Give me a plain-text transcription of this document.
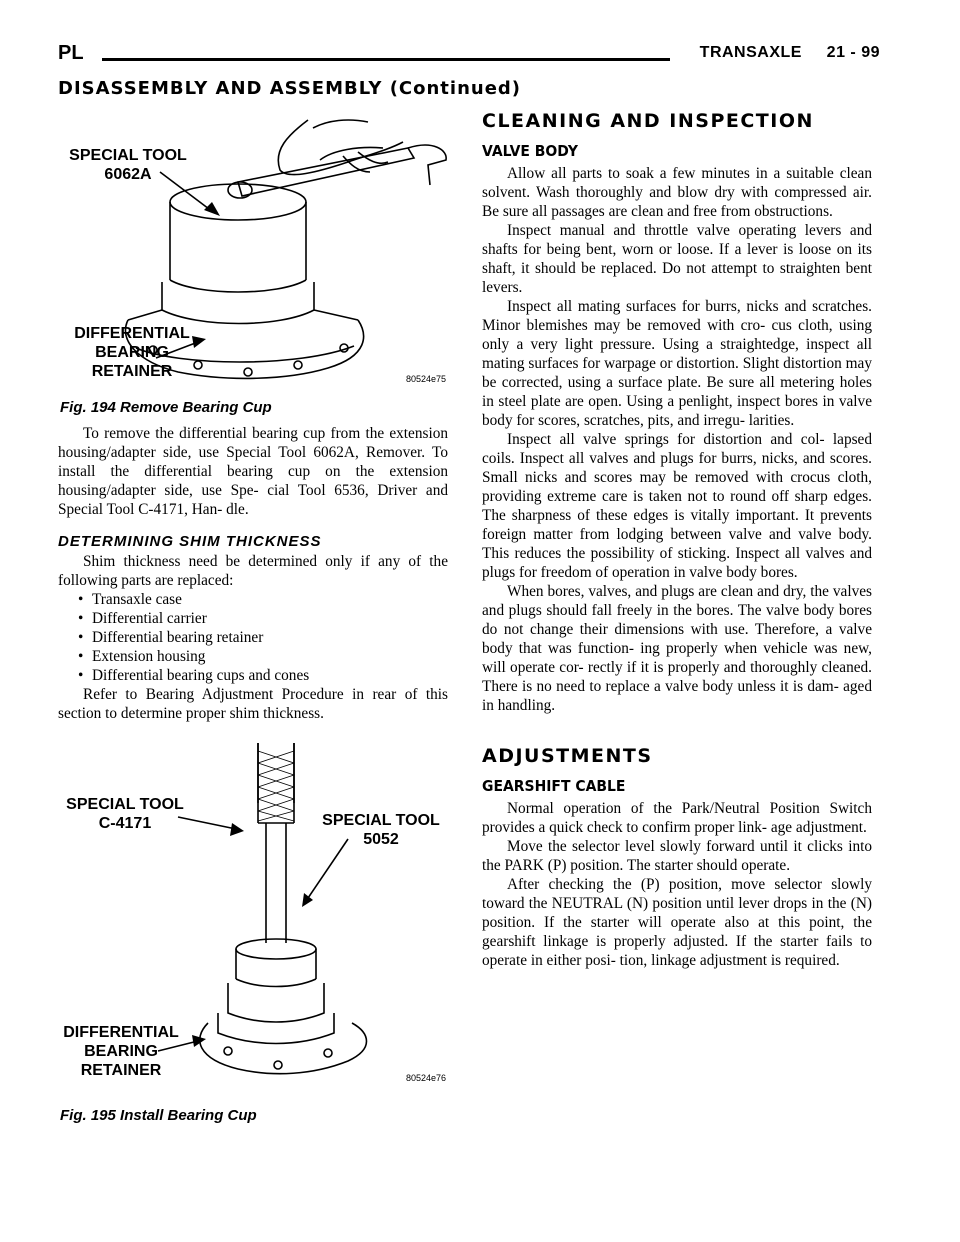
PL	TRANSAXLE     21 - 99
DISASSEMBLY AND ASSEMBLY (Continued)
SPECIAL TOOL
6062A
DIFFERENTIAL
BEARING
RETAINER	80524e75
Fig. 194 Remove Bearing Cup

To remove the differential bearing cup from the extension housing/adapter side, use Special Tool 6062A, Remover. To install the differential bearing cup on the extension housing/adapter side, use Spe- cial Tool 6536, Driver and Special Tool C-4171, Han- dle.

DETERMINING SHIM THICKNESS

Shim thickness need be determined only if any of the following parts are replaced:

• Transaxle case
• Differential carrier
• Differential bearing retainer
• Extension housing
• Differential bearing cups and cones

Refer to Bearing Adjustment Procedure in rear of this section to determine proper shim thickness.

SPECIAL TOOL
C-4171	SPECIAL TOOL
5052
DIFFERENTIAL
BEARING
RETAINER	80524e76
Fig. 195 Install Bearing Cup
CLEANING AND INSPECTION
VALVE BODY

Allow all parts to soak a few minutes in a suitable clean solvent. Wash thoroughly and blow dry with compressed air. Be sure all passages are clean and free from obstructions.

Inspect manual and throttle valve operating levers and shafts for being bent, worn or loose. If a lever is loose on its shaft, it should be replaced. Do not attempt to straighten bent levers.

Inspect all mating surfaces for burrs, nicks and scratches. Minor blemishes may be removed with cro- cus cloth, using only a very light pressure. Using a straightedge, inspect all mating surfaces for warpage or distortion. Slight distortion may be corrected, using a surface plate. Be sure all metering holes in steel plate are open. Using a penlight, inspect bores in valve body for scores, scratches, pits, and irregu- larities.

Inspect all valve springs for distortion and col- lapsed coils. Inspect all valves and plugs for burrs, nicks, and scores. Small nicks and scores may be removed with crocus cloth, providing extreme care is taken not to round off sharp edges. The sharpness of these edges is vitally important. It prevents foreign matter from lodging between valve and valve body. This reduces the possibility of sticking. Inspect all valves and plugs for freedom of operation in valve body bores.

When bores, valves, and plugs are clean and dry, the valves and plugs should fall freely in the bores. The valve body bores do not change their dimensions with use. Therefore, a valve body that was function- ing properly when vehicle was new, will operate cor- rectly if it is properly and thoroughly cleaned. There is no need to replace a valve body unless it is dam- aged in handling.

ADJUSTMENTS
GEARSHIFT CABLE

Normal operation of the Park/Neutral Position Switch provides a quick check to confirm proper link- age adjustment.

Move the selector level slowly forward until it clicks into the PARK (P) position. The starter should operate.

After checking the (P) position, move selector slowly toward the NEUTRAL (N) position until lever drops in the (N) position. If the starter will operate also at this point, the gearshift linkage is properly adjusted. If the starter fails to operate in either posi- tion, linkage adjustment is required.
